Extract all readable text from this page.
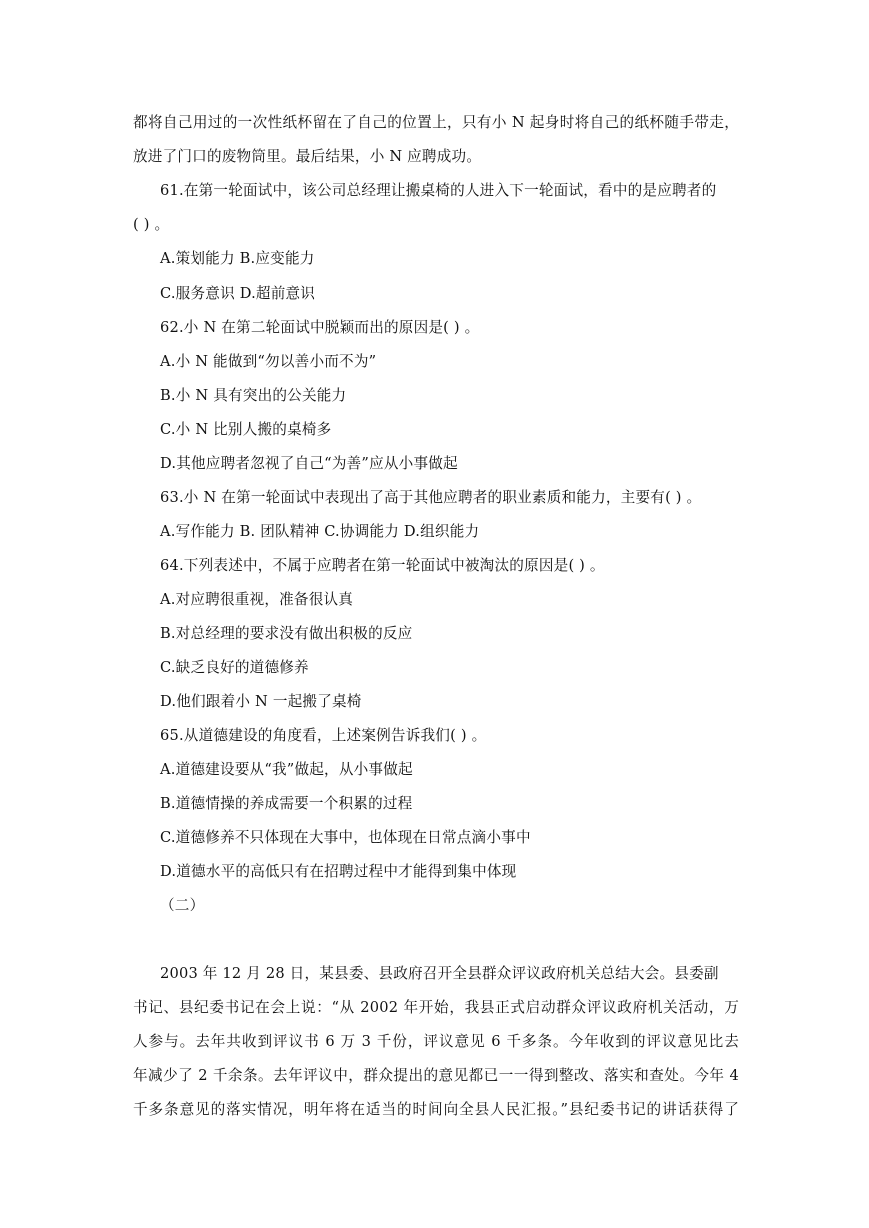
都将自己用过的一次性纸杯留在了自己的位置上，只有小 N 起身时将自己的纸杯随手带走，
放进了门口的废物筒里。最后结果，小 N 应聘成功。
61.在第一轮面试中，该公司总经理让搬桌椅的人进入下一轮面试，看中的是应聘者的
( ) 。
A.策划能力 B.应变能力
C.服务意识 D.超前意识
62.小 N 在第二轮面试中脱颖而出的原因是( ) 。
A.小 N 能做到“勿以善小而不为”
B.小 N 具有突出的公关能力
C.小 N 比别人搬的桌椅多
D.其他应聘者忽视了自己“为善”应从小事做起
63.小 N 在第一轮面试中表现出了高于其他应聘者的职业素质和能力，主要有( ) 。
A.写作能力 B. 团队精神 C.协调能力 D.组织能力
64.下列表述中，不属于应聘者在第一轮面试中被淘汰的原因是( ) 。
A.对应聘很重视，准备很认真
B.对总经理的要求没有做出积极的反应
C.缺乏良好的道德修养
D.他们跟着小 N 一起搬了桌椅
65.从道德建设的角度看，上述案例告诉我们( ) 。
A.道德建设要从“我”做起，从小事做起
B.道德情操的养成需要一个积累的过程
C.道德修养不只体现在大事中，也体现在日常点滴小事中
D.道德水平的高低只有在招聘过程中才能得到集中体现
（二）
2003 年 12 月 28 日，某县委、县政府召开全县群众评议政府机关总结大会。县委副
书记、县纪委书记在会上说：“从 2002 年开始，我县正式启动群众评议政府机关活动，万
人参与。去年共收到评议书 6 万 3 千份，评议意见 6 千多条。今年收到的评议意见比去
年减少了 2 千余条。去年评议中，群众提出的意见都已一一得到整改、落实和查处。今年 4
千多条意见的落实情况，明年将在适当的时间向全县人民汇报。”县纪委书记的讲话获得了
